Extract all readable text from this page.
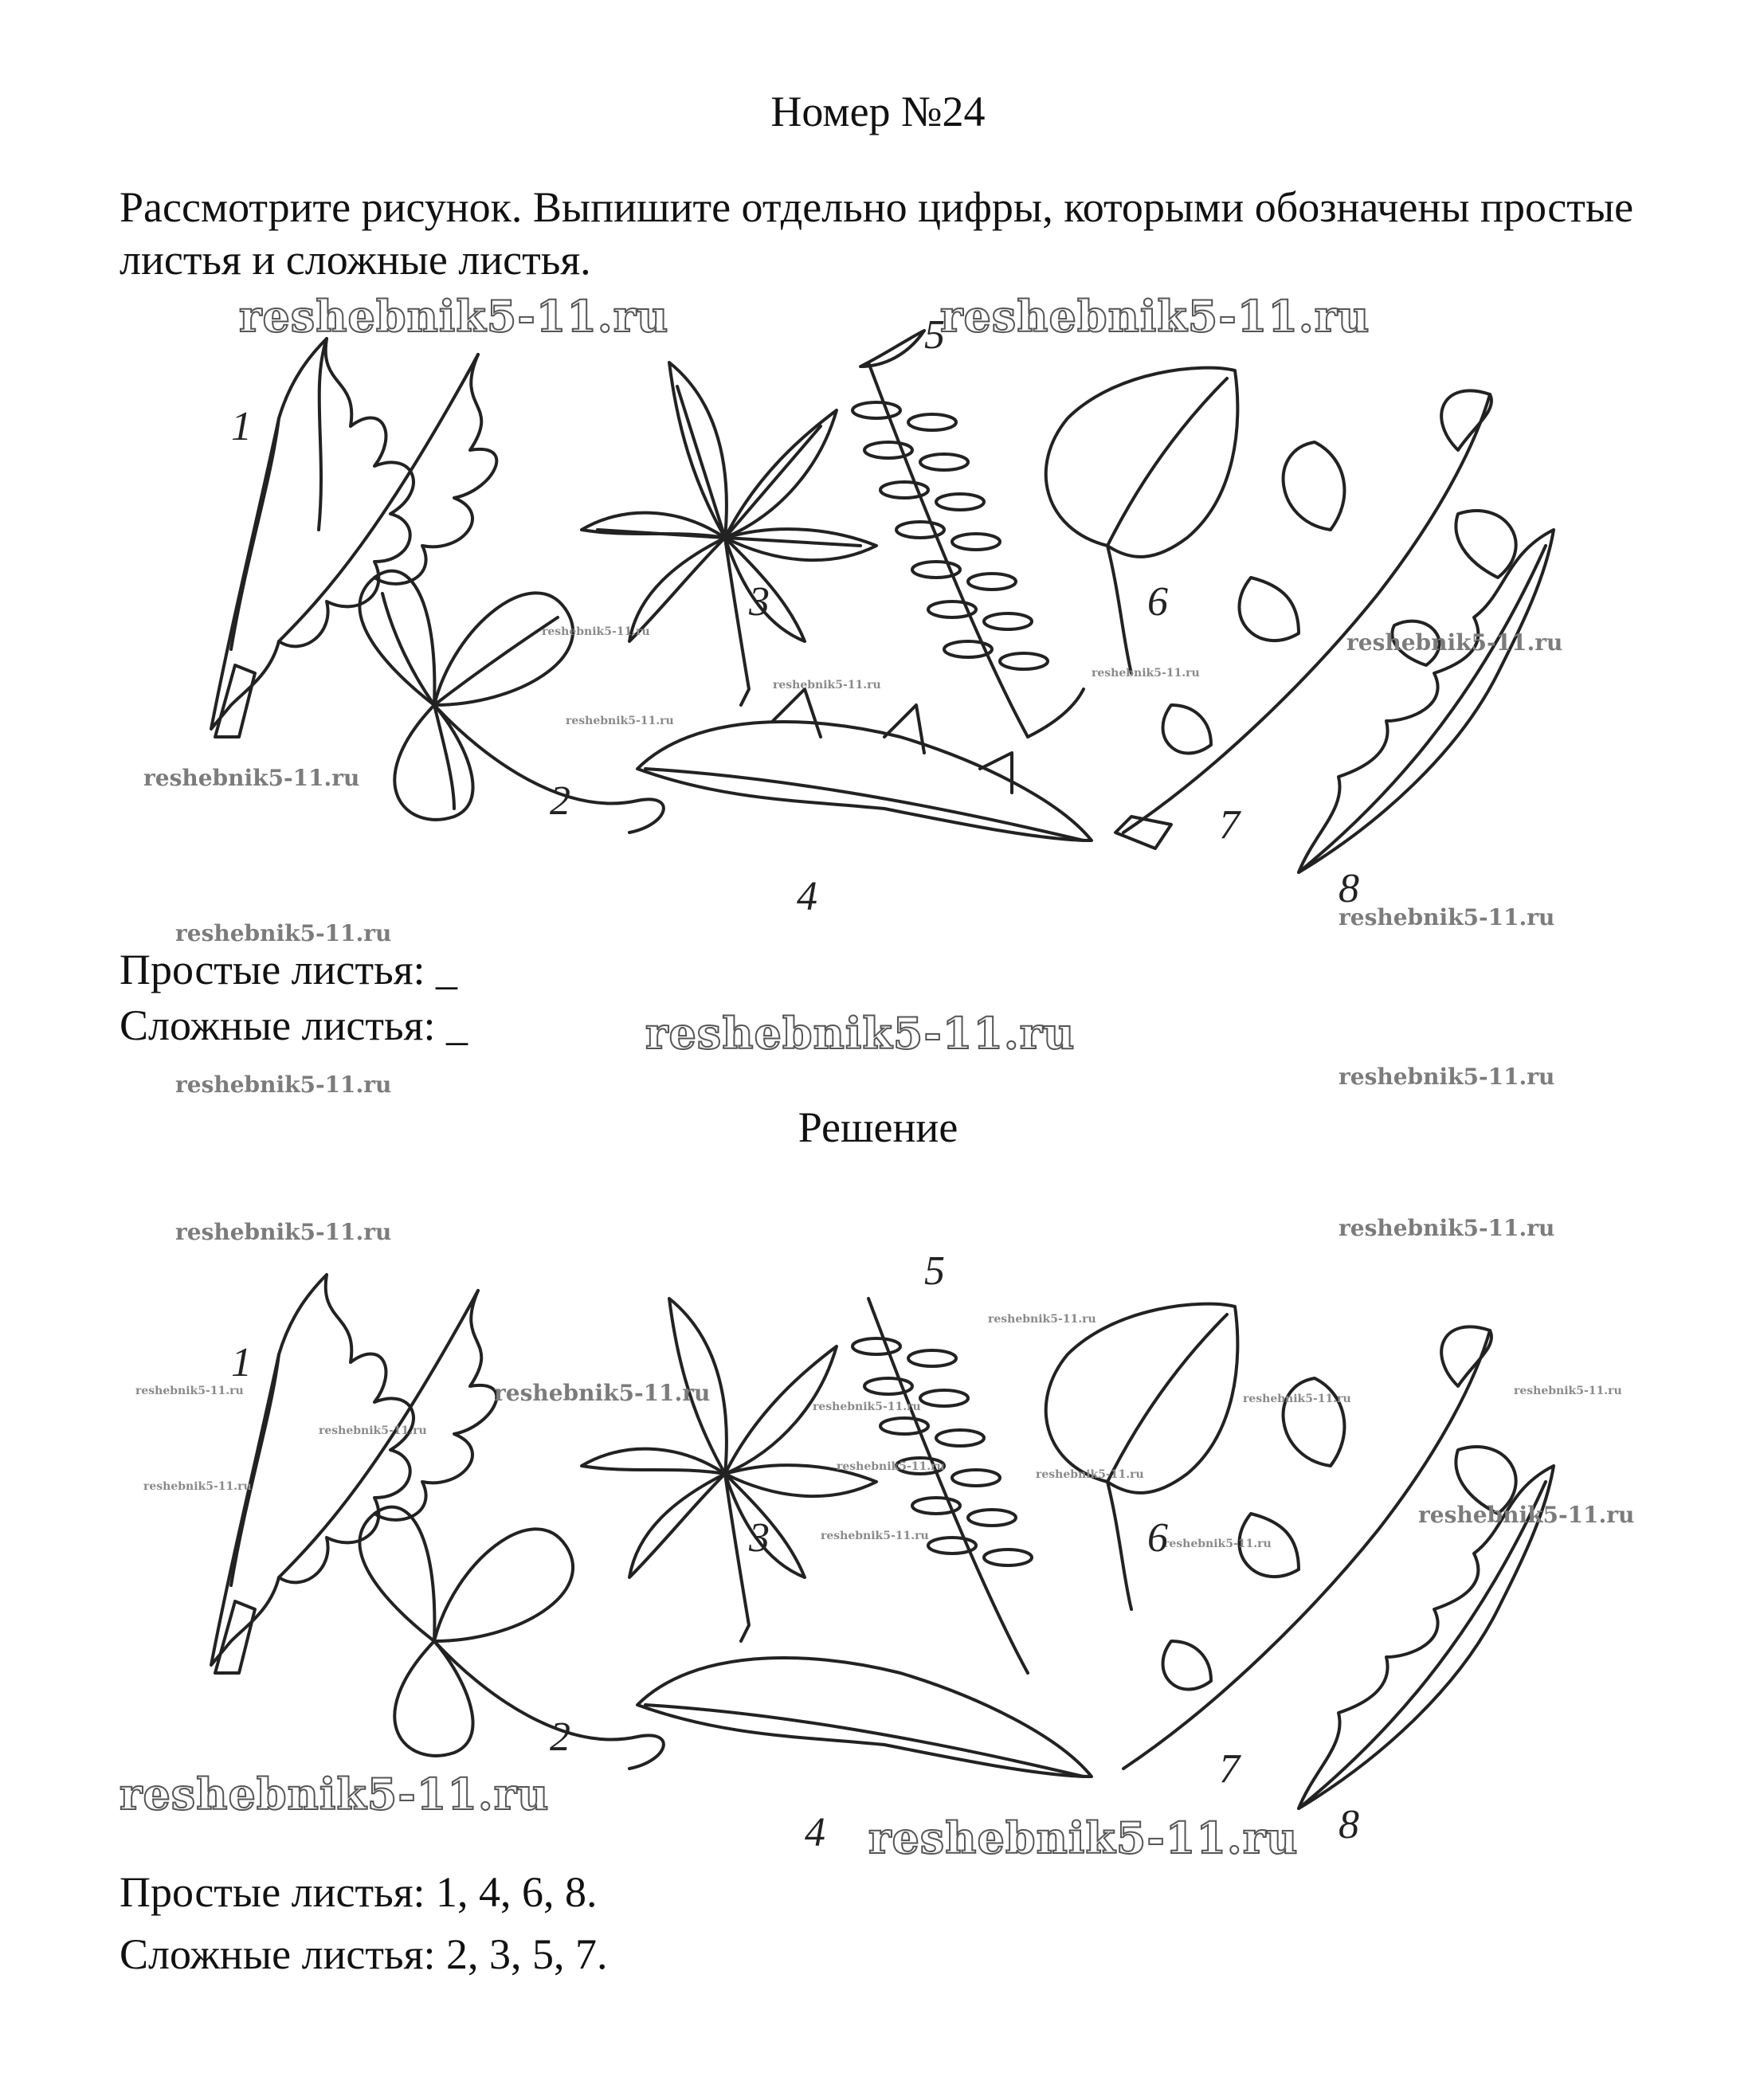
Номер №24
Рассмотрите рисунок. Выпишите отдельно цифры, которыми обозначены простые листья и сложные листья.
reshebnik5-11.ru	reshebnik5-11.ru
1
2
3
4
5
6
7
8
reshebnik5-11.ru
reshebnik5-11.ru
reshebnik5-11.ru
reshebnik5-11.ru
reshebnik5-11.ru
reshebnik5-11.ru
reshebnik5-11.ru
reshebnik5-11.ru
Простые листья: _
Сложные листья: _	reshebnik5-11.ru
reshebnik5-11.ru	reshebnik5-11.ru
Решение
reshebnik5-11.ru	reshebnik5-11.ru
reshebnik5-11.ru
reshebnik5-11.ru
reshebnik5-11.ru
reshebnik5-11.ru
reshebnik5-11.ru
reshebnik5-11.ru
reshebnik5-11.ru
reshebnik5-11.ru
reshebnik5-11.ru
reshebnik5-11.ru
reshebnik5-11.ru
reshebnik5-11.ru
reshebnik5-11.ru
reshebnik5-11.ru
reshebnik5-11.ru
1
2
3
4
5
6
7
8
Простые листья: 1, 4, 6, 8.
Сложные листья: 2, 3, 5, 7.
